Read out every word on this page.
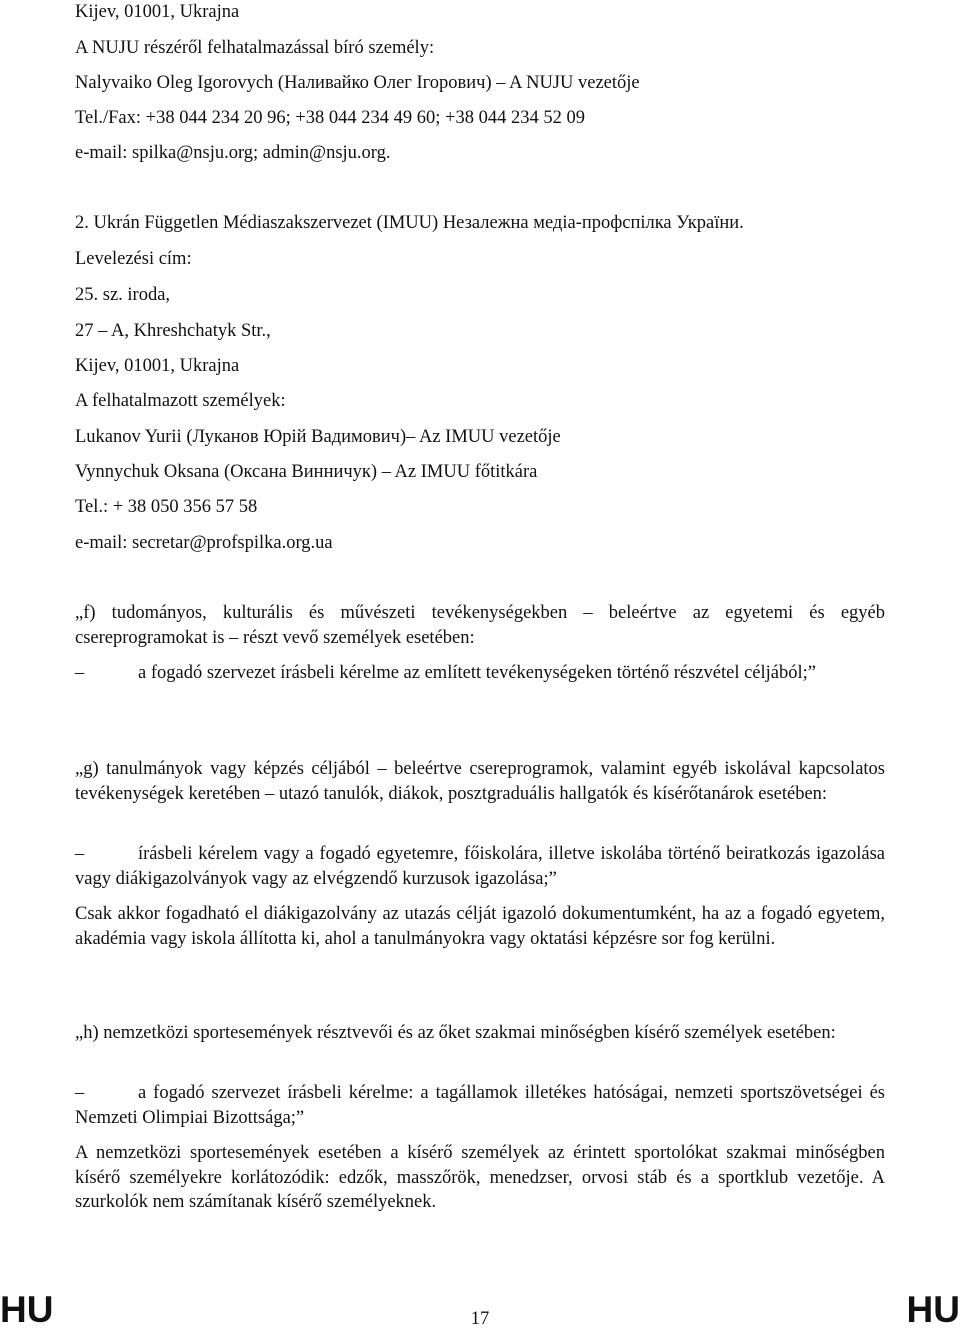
Kijev, 01001, Ukrajna
A NUJU részéről felhatalmazással bíró személy:
Nalyvaiko Oleg Igorovych (Наливайко Олег Ігорович) – A NUJU vezetője
Tel./Fax: +38 044 234 20 96; +38 044 234 49 60; +38 044 234 52 09
e-mail: spilka@nsju.org; admin@nsju.org.
2. Ukrán Független Médiaszakszervezet (IMUU) Незалежна медіа-профспілка України.
Levelezési cím:
25. sz. iroda,
27 – A, Khreshchatyk Str.,
Kijev, 01001, Ukrajna
A felhatalmazott személyek:
Lukanov Yurii (Луканов Юрій Вадимович)– Az IMUU vezetője
Vynnychuk Oksana (Оксана Винничук) – Az IMUU főtitkára
Tel.: + 38 050 356 57 58
e-mail: secretar@profspilka.org.ua
„f) tudományos, kulturális és művészeti tevékenységekben – beleértve az egyetemi és egyéb csereprogramokat is – részt vevő személyek esetében:
–	a fogadó szervezet írásbeli kérelme az említett tevékenységeken történő részvétel céljából;”
„g) tanulmányok vagy képzés céljából – beleértve csereprogramok, valamint egyéb iskolával kapcsolatos tevékenységek keretében – utazó tanulók, diákok, posztgraduális hallgatók és kísérőtanárok esetében:
–	írásbeli kérelem vagy a fogadó egyetemre, főiskolára, illetve iskolába történő beiratkozás igazolása vagy diákigazolványok vagy az elvégzendő kurzusok igazolása;”
Csak akkor fogadható el diákigazolvány az utazás célját igazoló dokumentumként, ha az a fogadó egyetem, akadémia vagy iskola állította ki, ahol a tanulmányokra vagy oktatási képzésre sor fog kerülni.
„h) nemzetközi sportesemények résztvevői és az őket szakmai minőségben kísérő személyek esetében:
–	a fogadó szervezet írásbeli kérelme: a tagállamok illetékes hatóságai, nemzeti sportszövetségei és Nemzeti Olimpiai Bizottsága;”
A nemzetközi sportesemények esetében a kísérő személyek az érintett sportolókat szakmai minőségben kísérő személyekre korlátozódik: edzők, masszőrök, menedzser, orvosi stáb és a sportklub vezetője. A szurkolók nem számítanak kísérő személyeknek.
HU	17	HU
